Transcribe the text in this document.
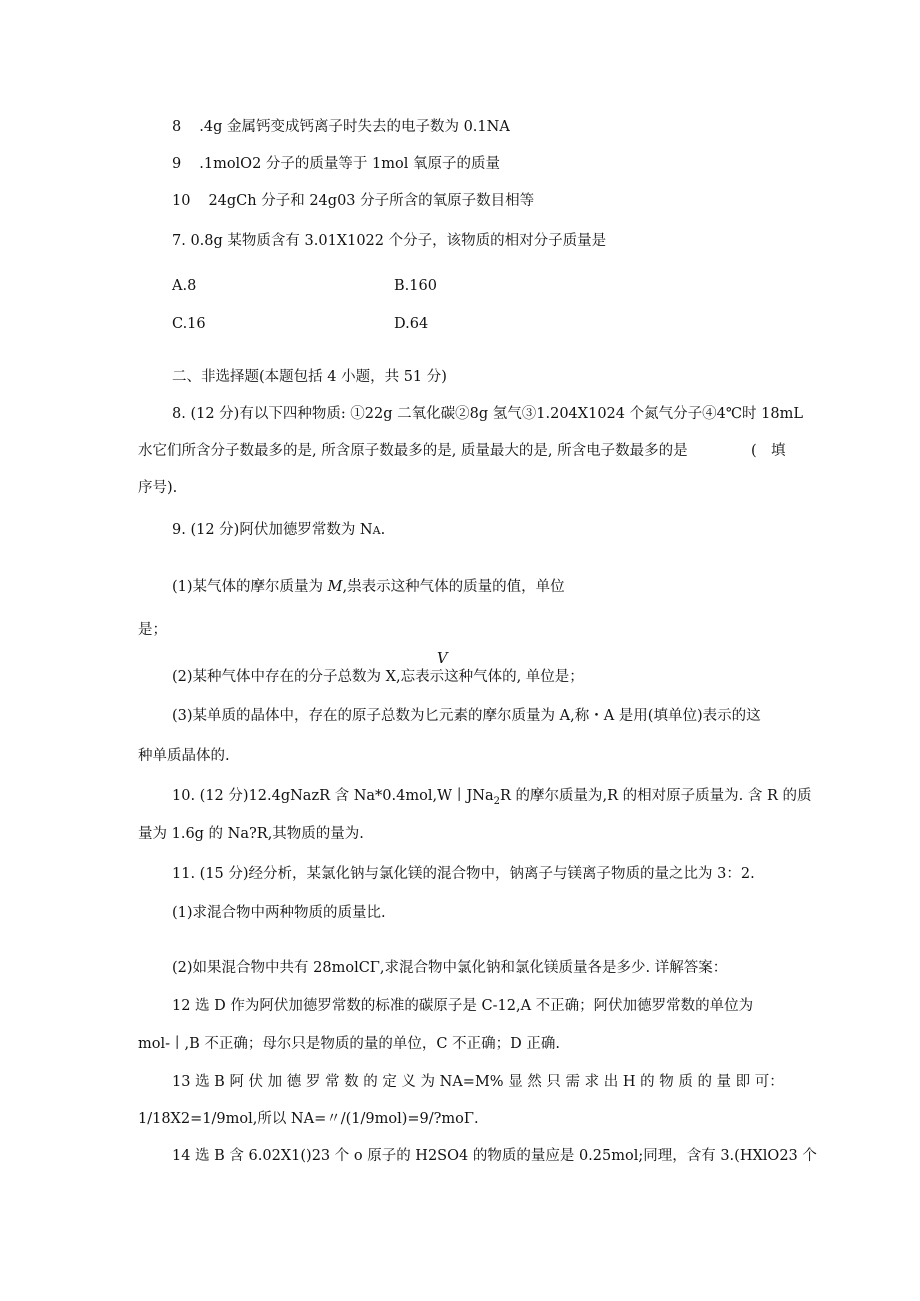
8 .4g 金属钙变成钙离子时失去的电子数为 0.1NA
9 .1molO2 分子的质量等于 1mol 氧原子的质量
10 24gCh 分子和 24g03 分子所含的氧原子数目相等
7. 0.8g 某物质含有 3.01X1022 个分子，该物质的相对分子质量是
A.8	B.160
C.16	D.64
二、非选择题(本题包括 4 小题，共 51 分)
8. (12 分)有以下四种物质: ①22g 二氧化碳②8g 氢气③1.204X1024 个氮气分子④4℃时 18mL
水它们所含分子数最多的是, 所含原子数最多的是, 质量最大的是, 所含电子数最多的是	( 填
序号).
9. (12 分)阿伏加德罗常数为 NA.
(1)某气体的摩尔质量为 M,祟表示这种气体的质量的值，单位
是；
V
(2)某种气体中存在的分子总数为 X,忘表示这种气体的, 单位是；
(3)某单质的晶体中，存在的原子总数为匕元素的摩尔质量为 A,称・A 是用(填单位)表示的这
种单质晶体的.
10. (12 分)12.4gNazR 含 Na*0.4mol,W丨JNa$_2$R 的摩尔质量为,R 的相对原子质量为. 含 R 的质
量为 1.6g 的 Na?R,其物质的量为.
11. (15 分)经分析，某氯化钠与氯化镁的混合物中，钠离子与镁离子物质的量之比为 3：2.
(1)求混合物中两种物质的质量比.
(2)如果混合物中共有 28molCΓ,求混合物中氯化钠和氯化镁质量各是多少. 详解答案：
12 选 D 作为阿伏加德罗常数的标准的碳原子是 C-12,A 不正确；阿伏加德罗常数的单位为
mol-丨,B 不正确；母尔只是物质的量的单位，C 不正确；D 正确.
13 选 B 阿 伏 加 德 罗 常 数 的 定 义 为 NA=M% 显 然 只 需 求 出 H 的 物 质 的 量 即 可：
1/18X2=1/9mol,所以 NA=〃/(1/9mol)=9/?moΓ.
14 选 B 含 6.02X1()23 个 o 原子的 H2SO4 的物质的量应是 0.25mol;同理，含有 3.(HXlO23 个
